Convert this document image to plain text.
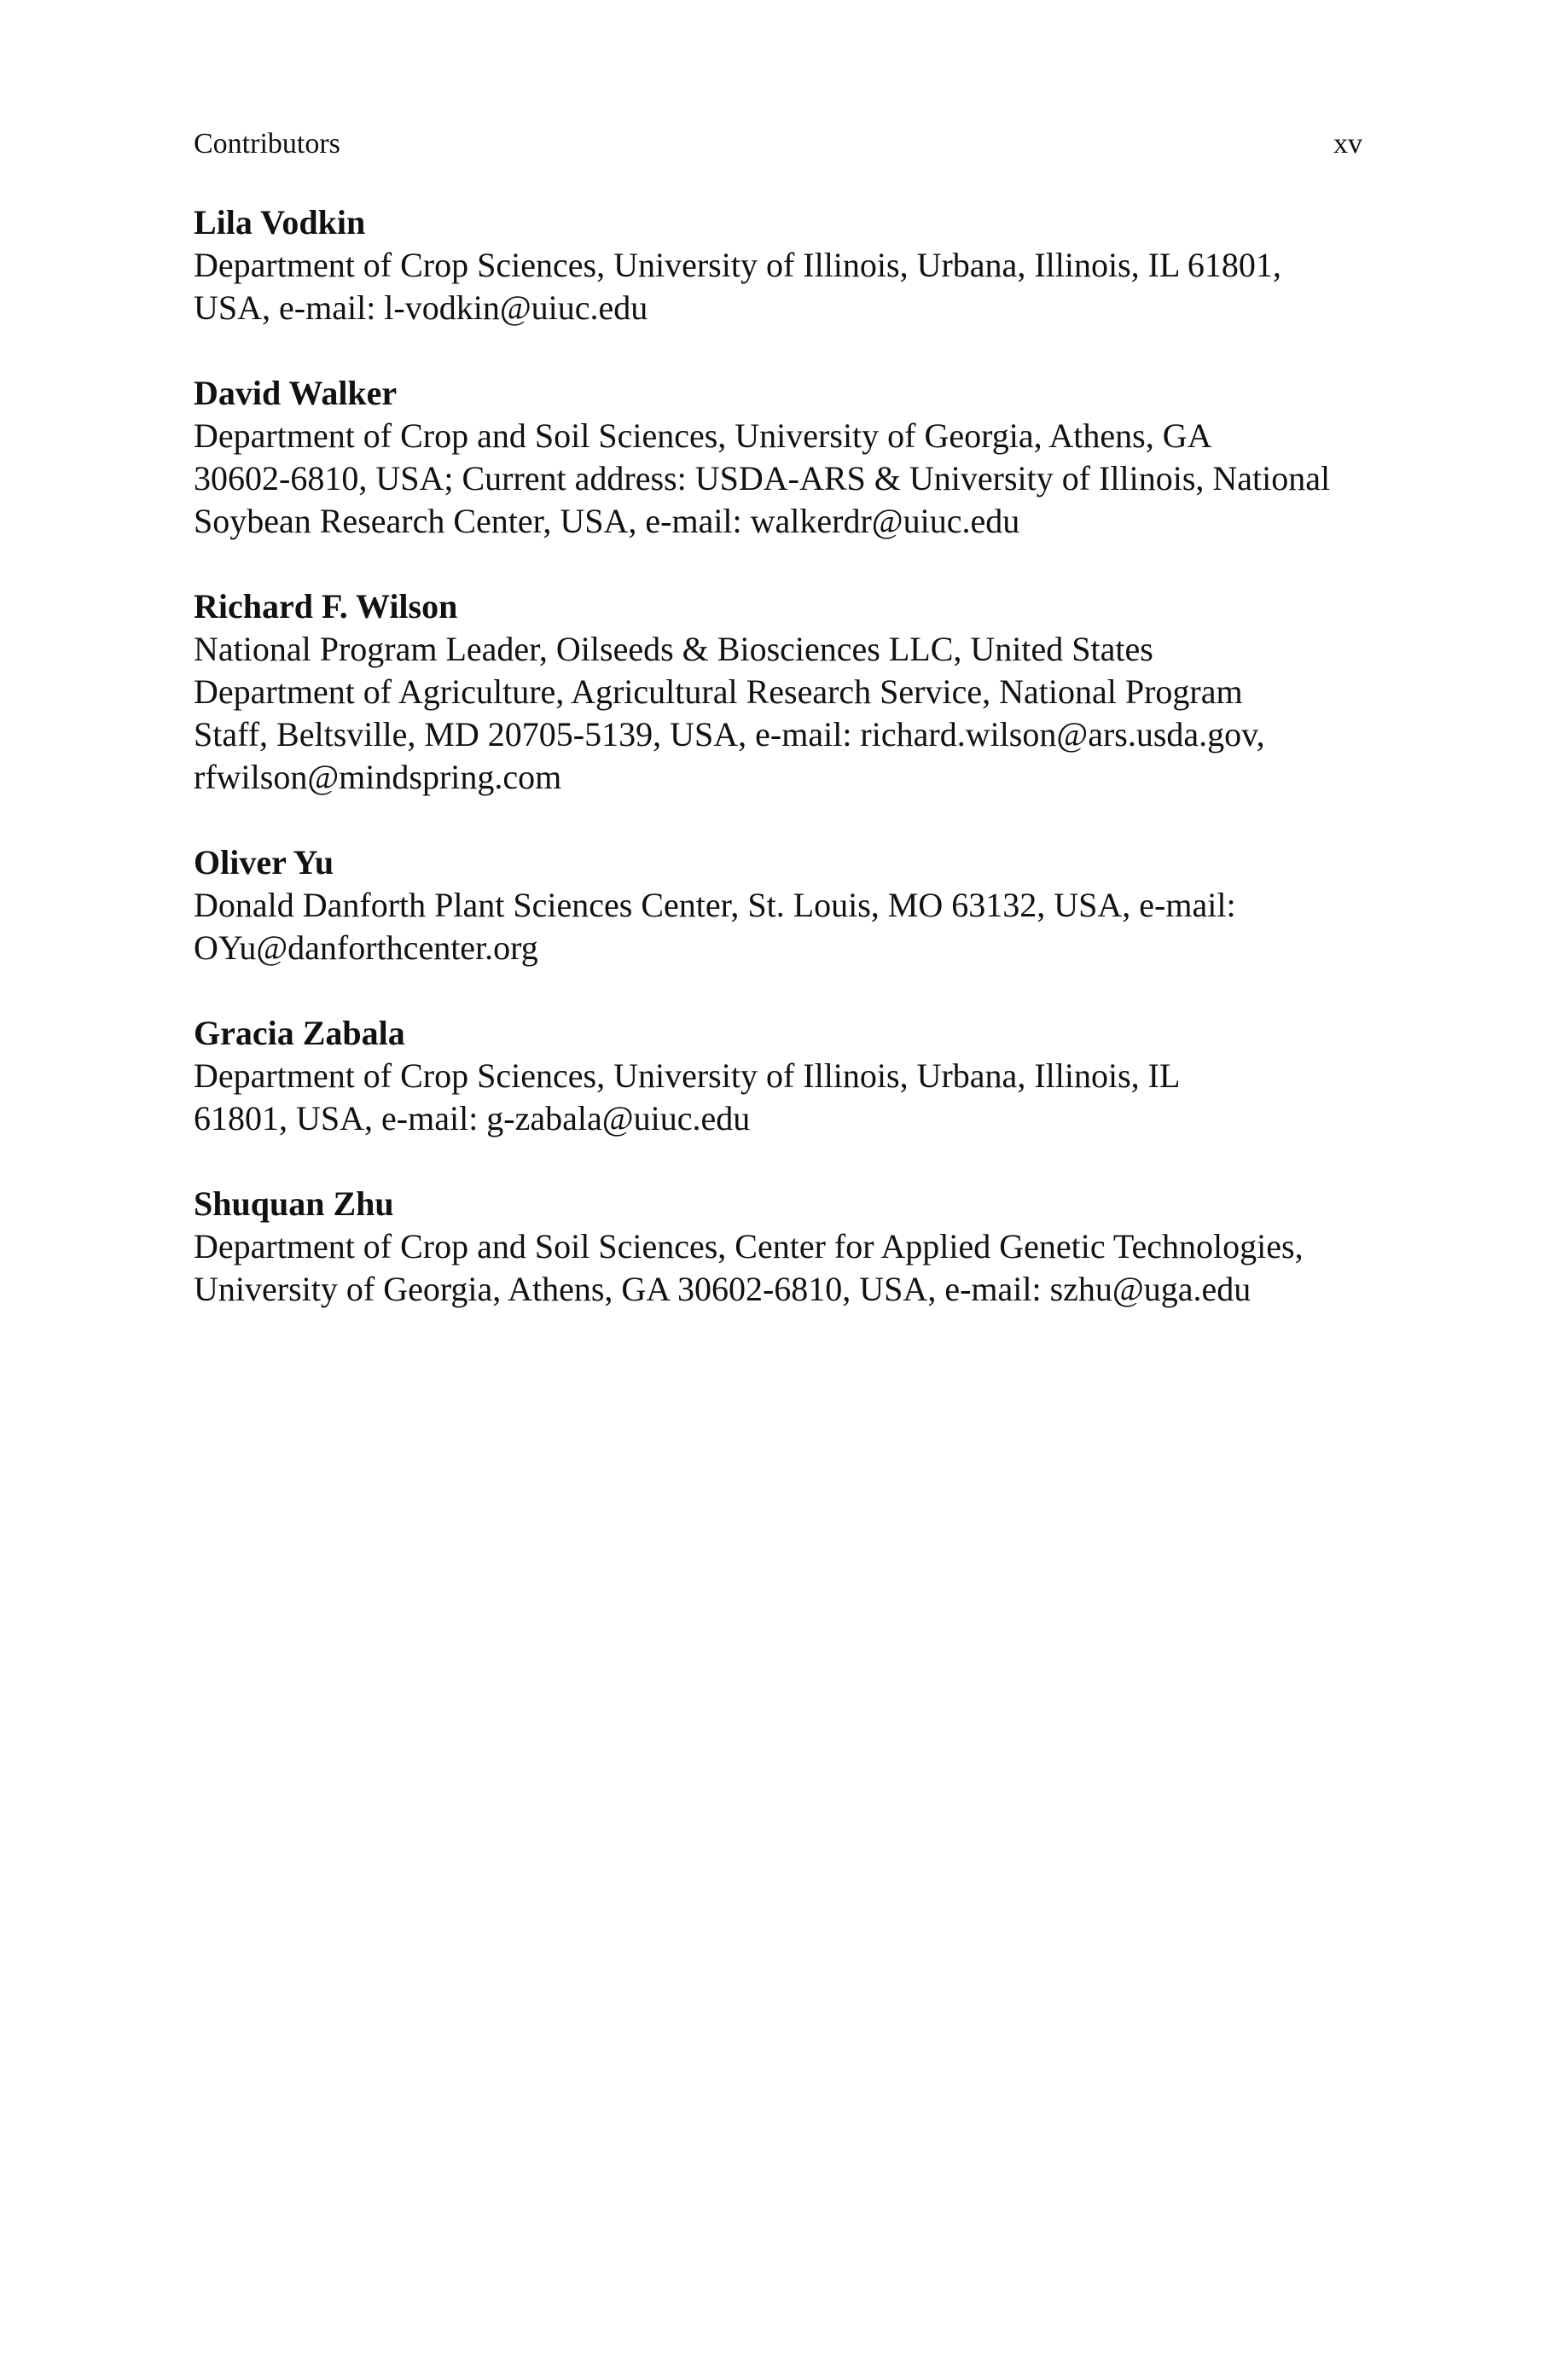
Contributors	xv

Lila Vodkin

Department of Crop Sciences, University of Illinois, Urbana, Illinois, IL 61801,

USA, e-mail: l-vodkin@uiuc.edu

David Walker

Department of Crop and Soil Sciences, University of Georgia, Athens, GA

30602-6810, USA; Current address: USDA-ARS & University of Illinois, National

Soybean Research Center, USA, e-mail: walkerdr@uiuc.edu

Richard F. Wilson

National Program Leader, Oilseeds & Biosciences LLC, United States

Department of Agriculture, Agricultural Research Service, National Program

Staff, Beltsville, MD 20705-5139, USA, e-mail: richard.wilson@ars.usda.gov,

rfwilson@mindspring.com

Oliver Yu

Donald Danforth Plant Sciences Center, St. Louis, MO 63132, USA, e-mail:

OYu@danforthcenter.org

Gracia Zabala

Department of Crop Sciences, University of Illinois, Urbana, Illinois, IL

61801, USA, e-mail: g-zabala@uiuc.edu

Shuquan Zhu

Department of Crop and Soil Sciences, Center for Applied Genetic Technologies,

University of Georgia, Athens, GA 30602-6810, USA, e-mail: szhu@uga.edu
